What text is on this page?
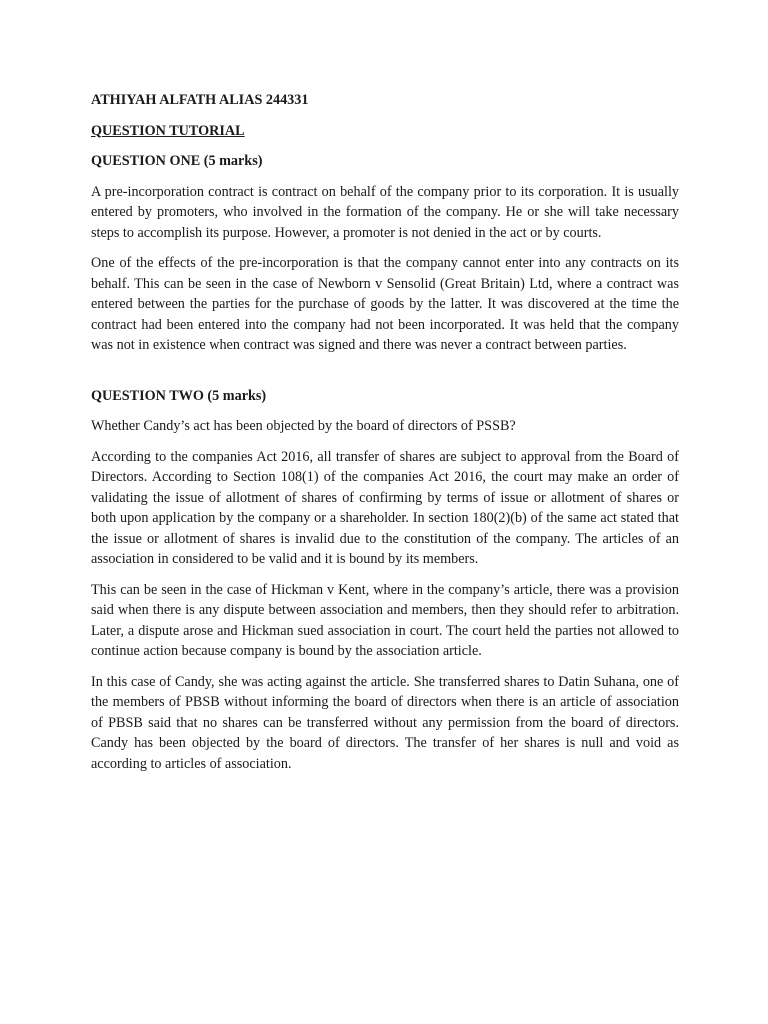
ATHIYAH ALFATH ALIAS 244331
QUESTION TUTORIAL
QUESTION ONE (5 marks)

A pre-incorporation contract is contract on behalf of the company prior to its corporation. It is usually entered by promoters, who involved in the formation of the company. He or she will take necessary steps to accomplish its purpose. However, a promoter is not denied in the act or by courts.

One of the effects of the pre-incorporation is that the company cannot enter into any contracts on its behalf. This can be seen in the case of Newborn v Sensolid (Great Britain) Ltd, where a contract was entered between the parties for the purchase of goods by the latter. It was discovered at the time the contract had been entered into the company had not been incorporated. It was held that the company was not in existence when contract was signed and there was never a contract between parties.

QUESTION TWO (5 marks)

Whether Candy’s act has been objected by the board of directors of PSSB?

According to the companies Act 2016, all transfer of shares are subject to approval from the Board of Directors. According to Section 108(1) of the companies Act 2016, the court may make an order of validating the issue of allotment of shares of confirming by terms of issue or allotment of shares or both upon application by the company or a shareholder. In section 180(2)(b) of the same act stated that the issue or allotment of shares is invalid due to the constitution of the company. The articles of an association in considered to be valid and it is bound by its members.

This can be seen in the case of Hickman v Kent, where in the company’s article, there was a provision said when there is any dispute between association and members, then they should refer to arbitration. Later, a dispute arose and Hickman sued association in court. The court held the parties not allowed to continue action because company is bound by the association article.

In this case of Candy, she was acting against the article. She transferred shares to Datin Suhana, one of the members of PBSB without informing the board of directors when there is an article of association of PBSB said that no shares can be transferred without any permission from the board of directors. Candy has been objected by the board of directors. The transfer of her shares is null and void as according to articles of association.
